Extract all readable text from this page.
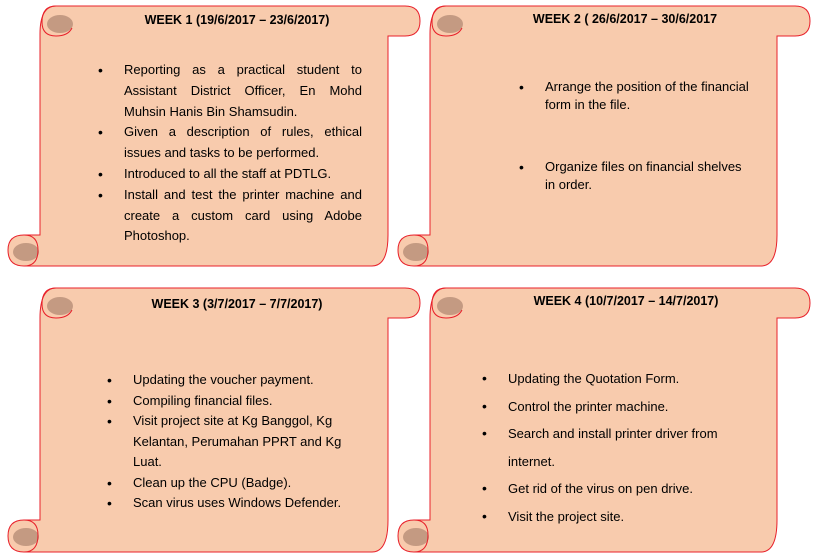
WEEK 1 (19/6/2017 – 23/6/2017)
• Reporting as a practical student to Assistant District Officer, En Mohd Muhsin Hanis Bin Shamsudin.
• Given a description of rules, ethical issues and tasks to be performed.
• Introduced to all the staff at PDTLG.
• Install and test the printer machine and create a custom card using Adobe Photoshop.
WEEK 2 ( 26/6/2017 – 30/6/2017
• Arrange the position of the financial form in the file.
• Organize files on financial shelves in order.
WEEK 3 (3/7/2017 – 7/7/2017)
• Updating the voucher payment.
• Compiling financial files.
• Visit project site at Kg Banggol, Kg Kelantan, Perumahan PPRT and Kg Luat.
• Clean up the CPU (Badge).
• Scan virus uses Windows Defender.
WEEK 4 (10/7/2017 – 14/7/2017)
• Updating the Quotation Form.
• Control the printer machine.
• Search and install printer driver from internet.
• Get rid of the virus on pen drive.
• Visit the project site.
